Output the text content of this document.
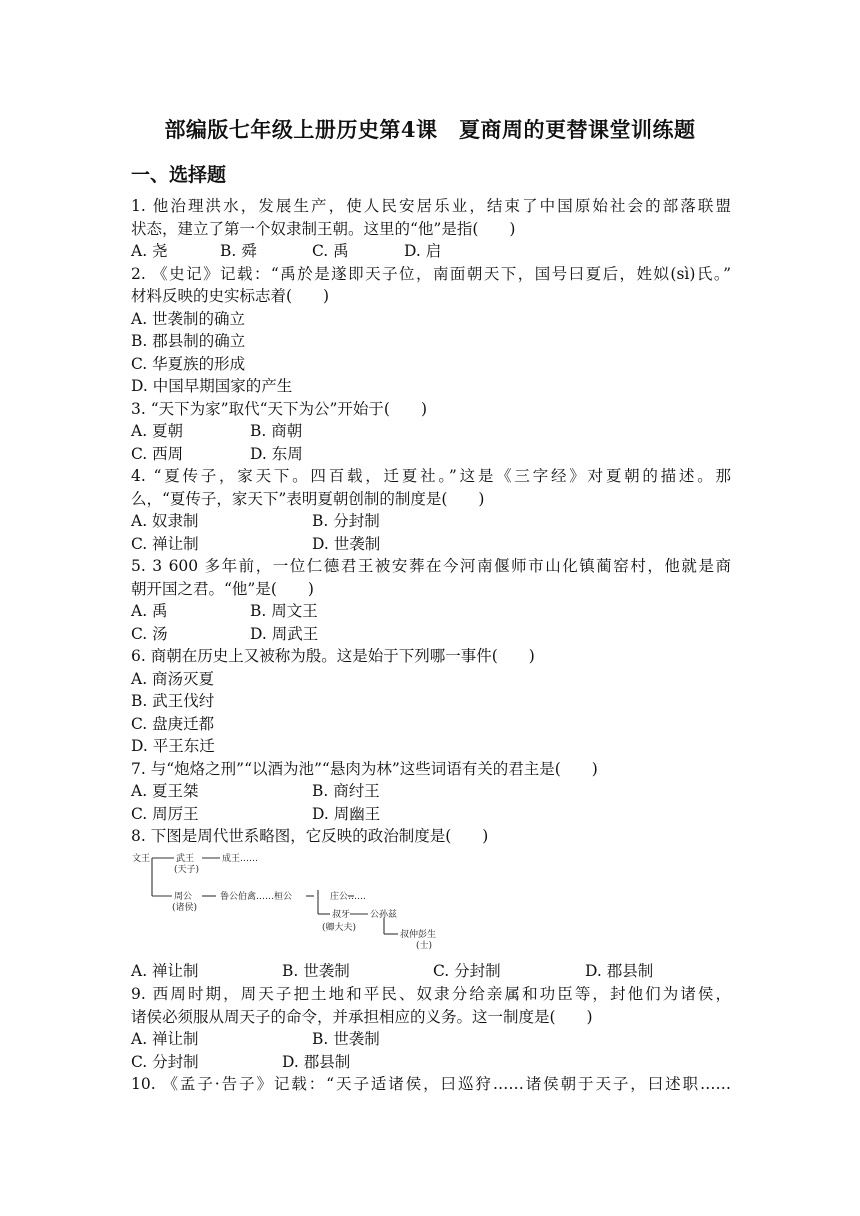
部编版七年级上册历史第4课　夏商周的更替课堂训练题
一、选择题
1. 他治理洪水，发展生产，使人民安居乐业，结束了中国原始社会的部落联盟
状态，建立了第一个奴隶制王朝。这里的“他”是指(　　)
A. 尧	B. 舜	C. 禹	D. 启
2. 《史记》记载：“禹於是遂即天子位，南面朝天下，国号曰夏后，姓姒(sì)氏。”
材料反映的史实标志着(　　)
A. 世袭制的确立
B. 郡县制的确立
C. 华夏族的形成
D. 中国早期国家的产生
3. “天下为家”取代“天下为公”开始于(　　)
A. 夏朝	B. 商朝
C. 西周	D. 东周
4. “夏传子，家天下。四百载，迁夏社。”这是《三字经》对夏朝的描述。那
么，“夏传子，家天下”表明夏朝创制的制度是(　　)
A. 奴隶制	B. 分封制
C. 禅让制	D. 世袭制
5. 3 600 多年前，一位仁德君王被安葬在今河南偃师市山化镇蔺窑村，他就是商
朝开国之君。“他”是(　　)
A. 禹	B. 周文王
C. 汤	D. 周武王
6. 商朝在历史上又被称为殷。这是始于下列哪一事件(　　)
A. 商汤灭夏
B. 武王伐纣
C. 盘庚迁都
D. 平王东迁
7. 与“炮烙之刑”“以酒为池”“悬肉为林”这些词语有关的君主是(　　)
A. 夏王桀	B. 商纣王
C. 周厉王	D. 周幽王
8. 下图是周代世系略图，它反映的政治制度是(　　)
文王	武王
(天子)
成王……
周公
(诸侯)
鲁公伯禽……桓公	庄公……
叔牙 公孙兹
(卿大夫)
叔仲彭生
(士)
A. 禅让制	B. 世袭制	C. 分封制	D. 郡县制
9. 西周时期，周天子把土地和平民、奴隶分给亲属和功臣等，封他们为诸侯，
诸侯必须服从周天子的命令，并承担相应的义务。这一制度是(　　)
A. 禅让制	B. 世袭制
C. 分封制	D. 郡县制
10. 《孟子·告子》记载：“天子适诸侯，曰巡狩……诸侯朝于天子，曰述职……
